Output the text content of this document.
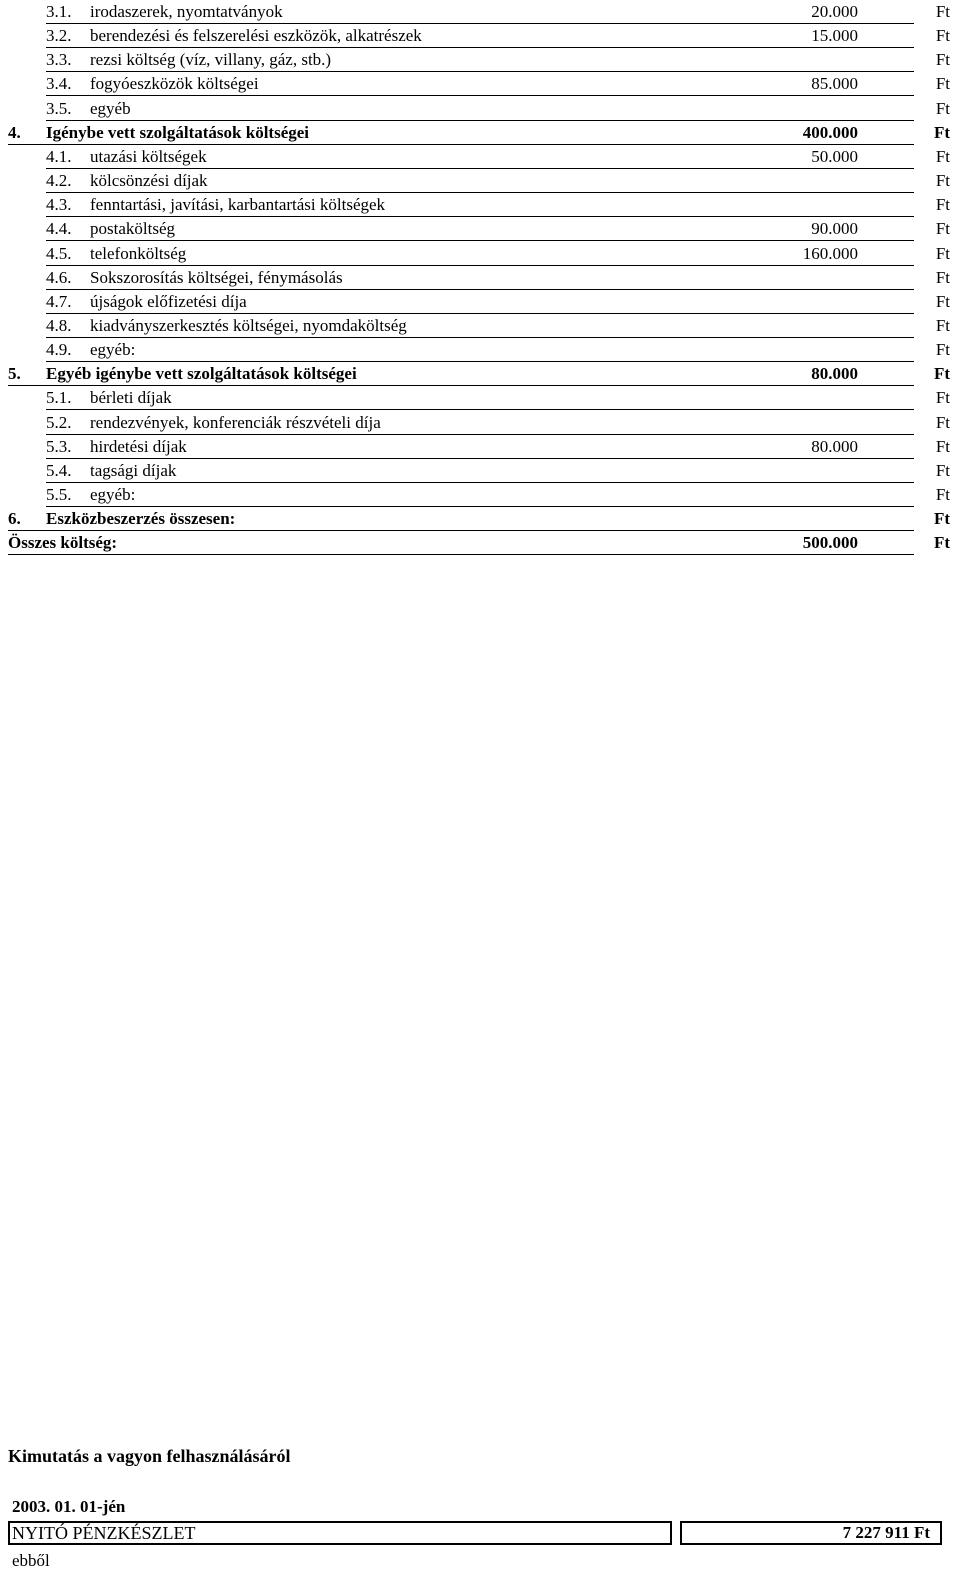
3.1. irodaszerek, nyomtatványok	20.000	Ft
3.2. berendezési és felszerelési eszközök, alkatrészek	15.000	Ft
3.3. rezsi költség (víz, villany, gáz, stb.)	Ft
3.4. fogyóeszközök költségei	85.000	Ft
3.5. egyéb	Ft
4. Igénybe vett szolgáltatások költségei	400.000	Ft
4.1. utazási költségek	50.000	Ft
4.2. kölcsönzési díjak	Ft
4.3. fenntartási, javítási, karbantartási költségek	Ft
4.4. postaköltség	90.000	Ft
4.5. telefonköltség	160.000	Ft
4.6. Sokszorosítás költségei, fénymásolás	Ft
4.7. újságok előfizetési díja	Ft
4.8. kiadványszerkesztés költségei, nyomdaköltség	Ft
4.9. egyéb:	Ft
5. Egyéb igénybe vett szolgáltatások költségei	80.000	Ft
5.1. bérleti díjak	Ft
5.2. rendezvények, konferenciák részvételi díja	Ft
5.3. hirdetési díjak	80.000	Ft
5.4. tagsági díjak	Ft
5.5. egyéb:	Ft
6. Eszközbeszerzés összesen:	Ft
Összes költség:	500.000	Ft
Kimutatás a vagyon felhasználásáról
2003. 01. 01-jén
NYITÓ PÉNZKÉSZLET	7 227 911 Ft
ebből
